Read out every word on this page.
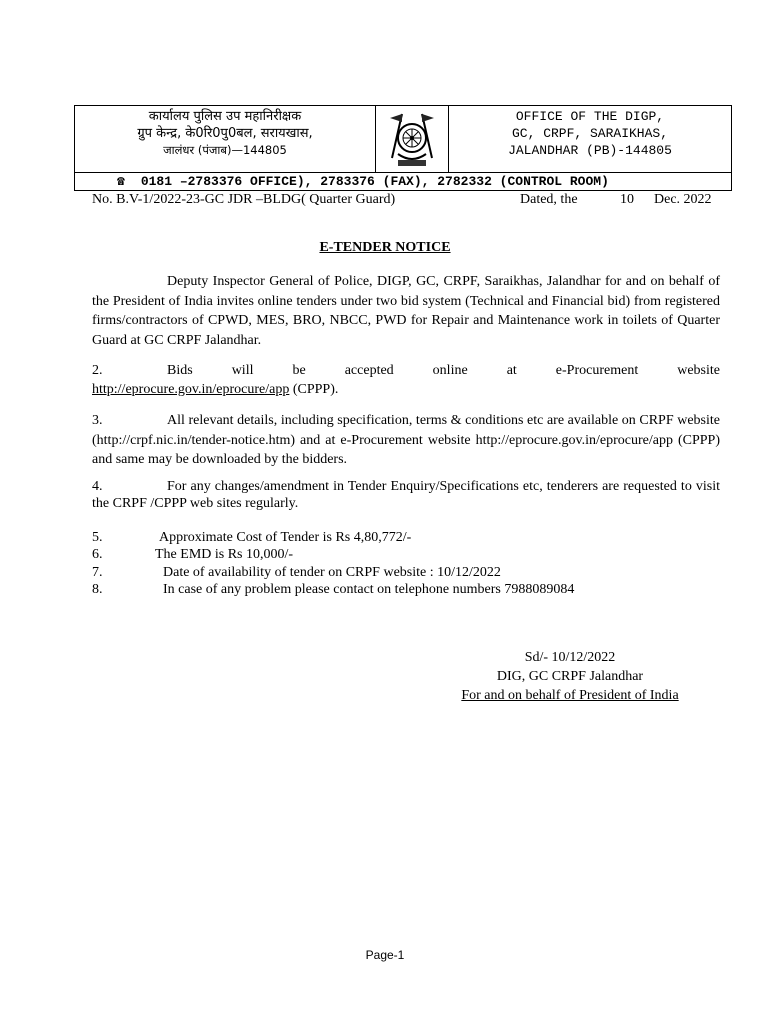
कार्यालय पुलिस उप महानिरीक्षक
ग्रुप केन्द्र, के0रि0पु0बल, सरायखास,
जालंधर (पंजाब)—144805
OFFICE OF THE DIGP,
GC, CRPF, SARAIKHAS,
JALANDHAR (PB)-144805
☎ 0181 –2783376 OFFICE), 2783376 (FAX), 2782332 (CONTROL ROOM)
No. B.V-1/2022-23-GC JDR –BLDG( Quarter Guard)	Dated, the	10 Dec. 2022
E-TENDER NOTICE
Deputy Inspector General of Police, DIGP, GC, CRPF, Saraikhas, Jalandhar for and on behalf of the President of India invites online tenders under two bid system (Technical and Financial bid) from registered firms/contractors of CPWD, MES, BRO, NBCC, PWD for Repair and Maintenance work in toilets of Quarter Guard at GC CRPF Jalandhar.
2.	Bids will be accepted online at e-Procurement website
http://eprocure.gov.in/eprocure/app (CPPP).
3.	All relevant details, including specification, terms & conditions etc are available on CRPF website (http://crpf.nic.in/tender-notice.htm) and at e-Procurement website http://eprocure.gov.in/eprocure/app (CPPP) and same may be downloaded by the bidders.
4.	For any changes/amendment in Tender Enquiry/Specifications etc, tenderers are requested to visit the CRPF /CPPP web sites regularly.
5.	Approximate Cost of Tender is Rs 4,80,772/-
6.	The EMD is Rs 10,000/-
7.	Date of availability of tender on CRPF website : 10/12/2022
8.	In case of any problem please contact on telephone numbers 7988089084
Sd/- 10/12/2022
DIG, GC CRPF Jalandhar
For and on behalf of President of India
Page-1
